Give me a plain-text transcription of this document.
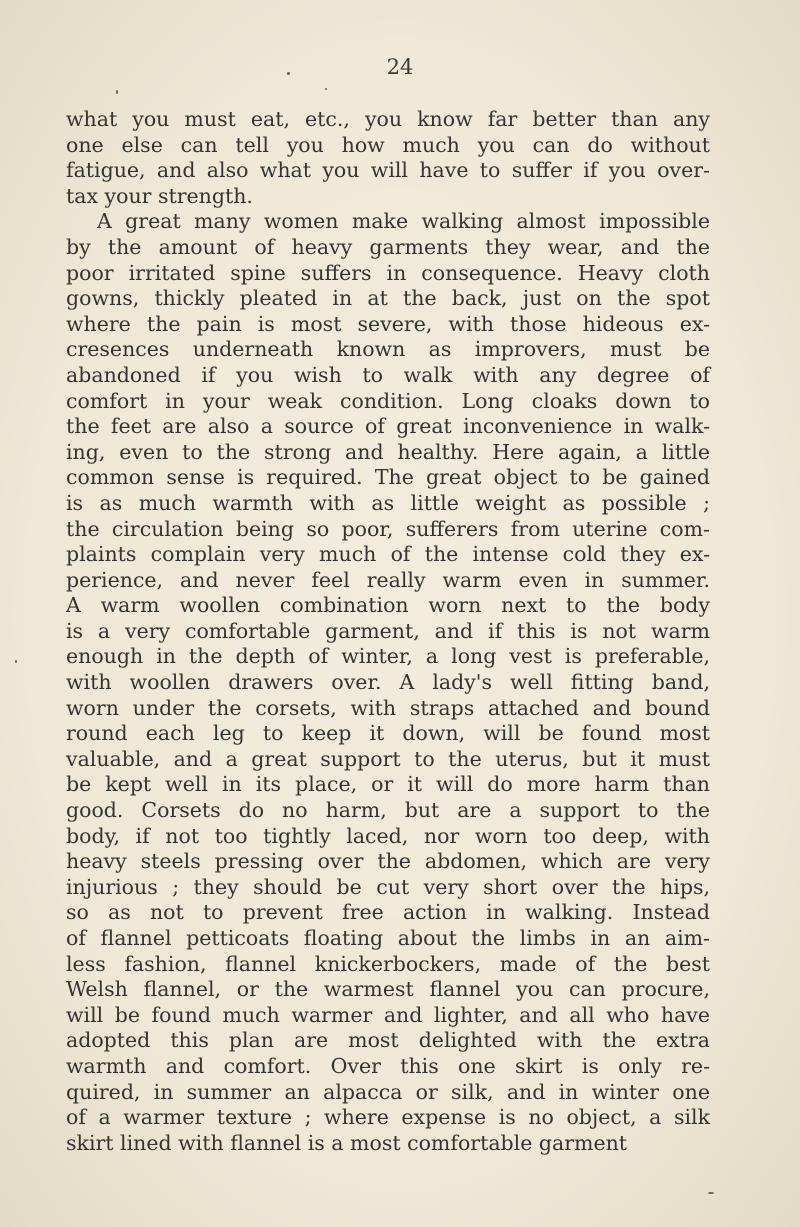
24
what you must eat, etc., you know far better than any
one else can tell you how much you can do without
fatigue, and also what you will have to suffer if you over-
tax your strength.
A great many women make walking almost impossible
by the amount of heavy garments they wear, and the
poor irritated spine suffers in consequence. Heavy cloth
gowns, thickly pleated in at the back, just on the spot
where the pain is most severe, with those hideous ex-
cresences underneath known as improvers, must be
abandoned if you wish to walk with any degree of
comfort in your weak condition. Long cloaks down to
the feet are also a source of great inconvenience in walk-
ing, even to the strong and healthy. Here again, a little
common sense is required. The great object to be gained
is as much warmth with as little weight as possible ;
the circulation being so poor, sufferers from uterine com-
plaints complain very much of the intense cold they ex-
perience, and never feel really warm even in summer.
A warm woollen combination worn next to the body
is a very comfortable garment, and if this is not warm
enough in the depth of winter, a long vest is preferable,
with woollen drawers over. A lady's well fitting band,
worn under the corsets, with straps attached and bound
round each leg to keep it down, will be found most
valuable, and a great support to the uterus, but it must
be kept well in its place, or it will do more harm than
good. Corsets do no harm, but are a support to the
body, if not too tightly laced, nor worn too deep, with
heavy steels pressing over the abdomen, which are very
injurious ; they should be cut very short over the hips,
so as not to prevent free action in walking. Instead
of flannel petticoats floating about the limbs in an aim-
less fashion, flannel knickerbockers, made of the best
Welsh flannel, or the warmest flannel you can procure,
will be found much warmer and lighter, and all who have
adopted this plan are most delighted with the extra
warmth and comfort. Over this one skirt is only re-
quired, in summer an alpacca or silk, and in winter one
of a warmer texture ; where expense is no object, a silk
skirt lined with flannel is a most comfortable garment
